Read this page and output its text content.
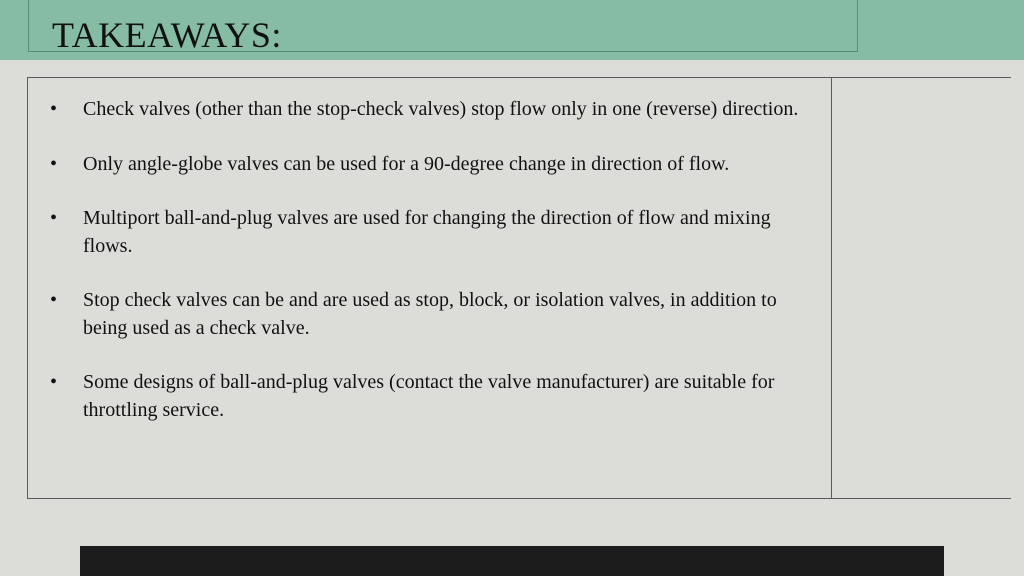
TAKEAWAYS:
• Check valves (other than the stop-check valves) stop flow only in one (reverse) direction.
• Only angle-globe valves can be used for a 90-degree change in direction of flow.
• Multiport ball-and-plug valves are used for changing the direction of flow and mixing flows.
• Stop check valves can be and are used as stop, block, or isolation valves, in addition to being used as a check valve.
• Some designs of ball-and-plug valves (contact the valve manufacturer) are suitable for throttling service.
